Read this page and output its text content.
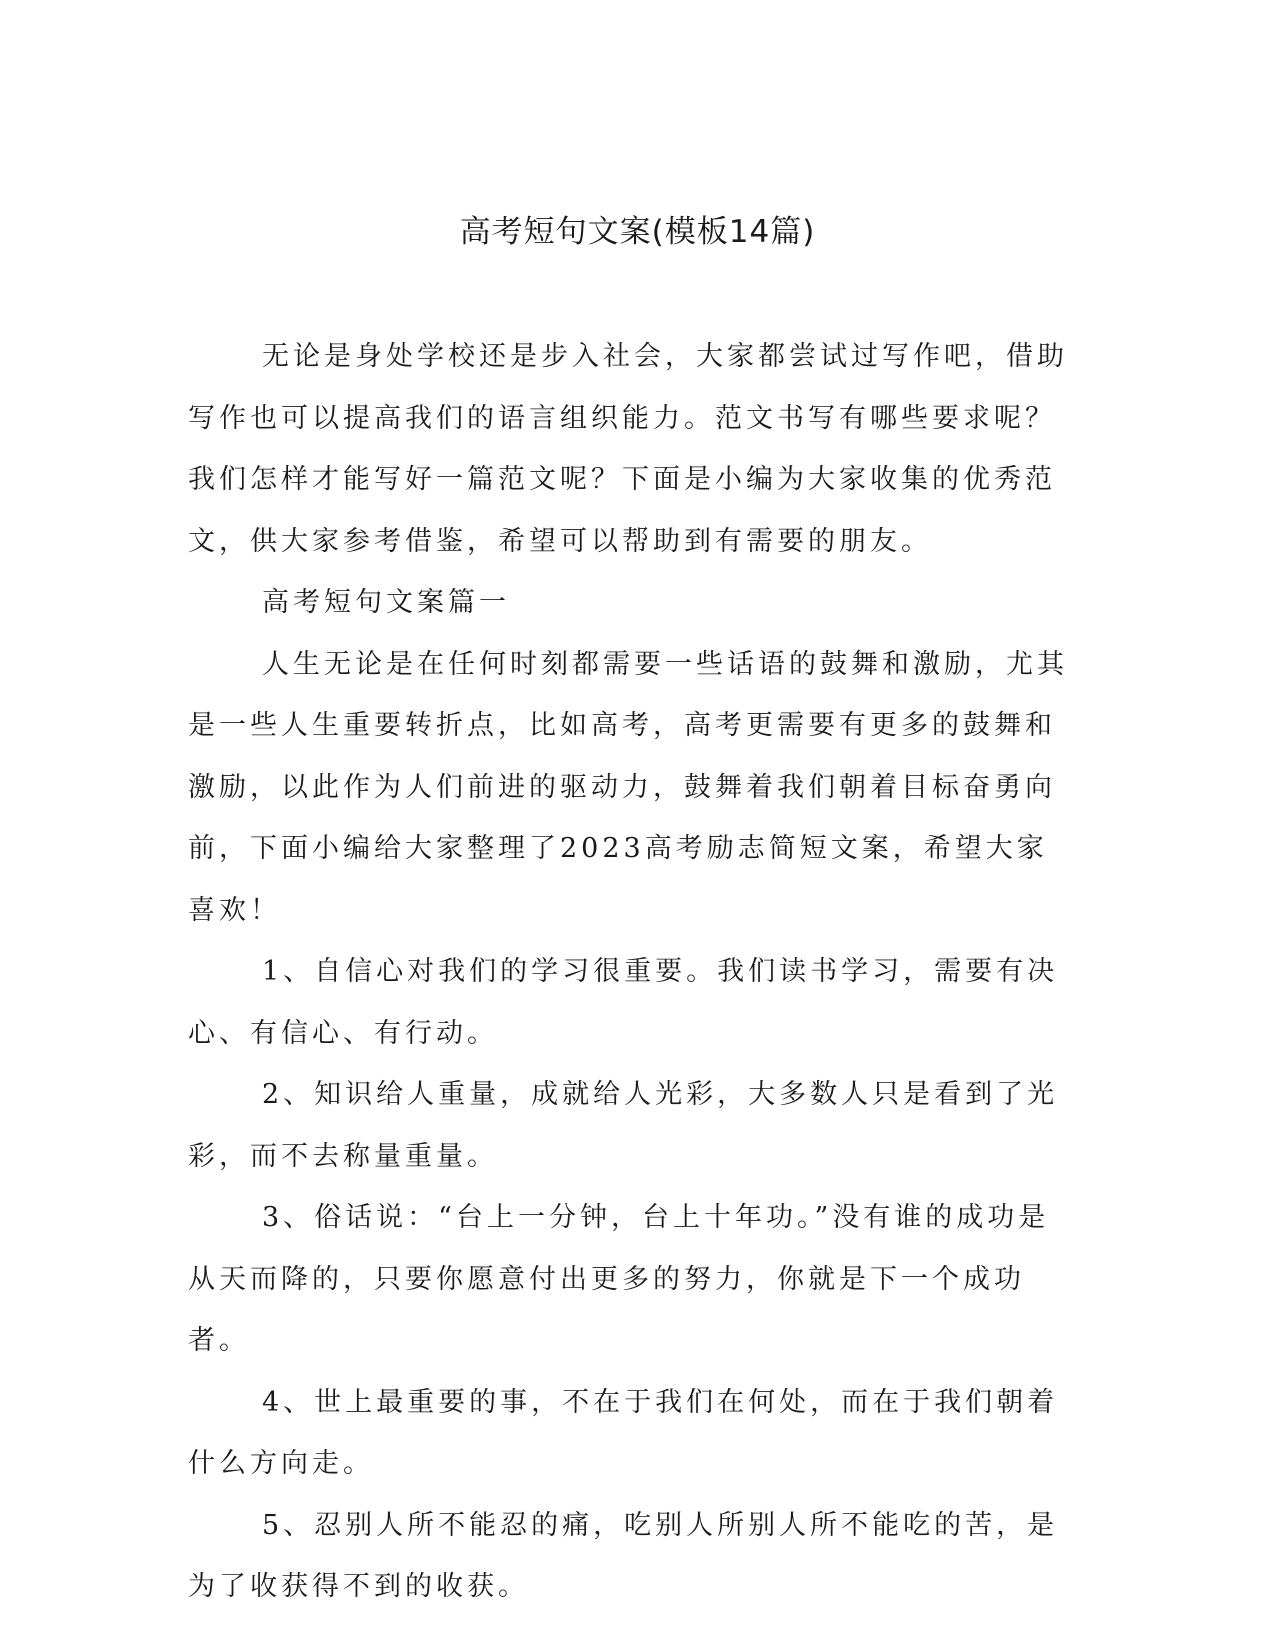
高考短句文案(模板14篇)

无论是身处学校还是步入社会，大家都尝试过写作吧，借助写作也可以提高我们的语言组织能力。范文书写有哪些要求呢？我们怎样才能写好一篇范文呢？下面是小编为大家收集的优秀范文，供大家参考借鉴，希望可以帮助到有需要的朋友。

高考短句文案篇一

人生无论是在任何时刻都需要一些话语的鼓舞和激励，尤其是一些人生重要转折点，比如高考，高考更需要有更多的鼓舞和激励，以此作为人们前进的驱动力，鼓舞着我们朝着目标奋勇向前，下面小编给大家整理了2023高考励志简短文案，希望大家喜欢！

1、自信心对我们的学习很重要。我们读书学习，需要有决心、有信心、有行动。

2、知识给人重量，成就给人光彩，大多数人只是看到了光彩，而不去称量重量。

3、俗话说：“台上一分钟，台上十年功。”没有谁的成功是从天而降的，只要你愿意付出更多的努力，你就是下一个成功者。

4、世上最重要的事，不在于我们在何处，而在于我们朝着什么方向走。

5、忍别人所不能忍的痛，吃别人所别人所不能吃的苦，是为了收获得不到的收获。
